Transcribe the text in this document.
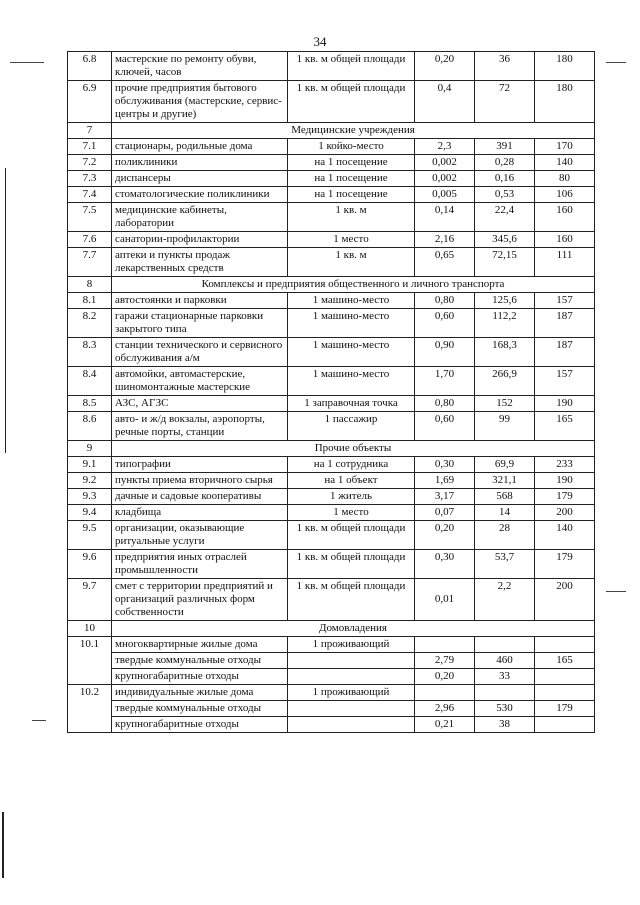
34
6.8	мастерские по ремонту обуви, ключей, часов	1 кв. м общей площади	0,20	36	180
6.9	прочие предприятия бытового обслуживания (мастерские, сервис-центры и другие)	1 кв. м общей площади	0,4	72	180
7	Медицинские учреждения				
7.1	стационары, родильные дома	1 койко-место	2,3	391	170
7.2	поликлиники	на 1 посещение	0,002	0,28	140
7.3	диспансеры	на 1 посещение	0,002	0,16	80
7.4	стоматологические поликлиники	на 1 посещение	0,005	0,53	106
7.5	медицинские кабинеты, лаборатории	1 кв. м	0,14	22,4	160
7.6	санатории-профилактории	1 место	2,16	345,6	160
7.7	аптеки и пункты продаж лекарственных средств	1 кв. м	0,65	72,15	111
8	Комплексы и предприятия общественного и личного транспорта				
8.1	автостоянки и парковки	1 машино-место	0,80	125,6	157
8.2	гаражи стационарные парковки закрытого типа	1 машино-место	0,60	112,2	187
8.3	станции технического и сервисного обслуживания а/м	1 машино-место	0,90	168,3	187
8.4	автомойки, автомастерские, шиномонтажные мастерские	1 машино-место	1,70	266,9	157
8.5	АЗС, АГЗС	1 заправочная точка	0,80	152	190
8.6	авто- и ж/д вокзалы, аэропорты, речные порты, станции	1 пассажир	0,60	99	165
9	Прочие объекты				
9.1	типографии	на 1 сотрудника	0,30	69,9	233
9.2	пункты приема вторичного сырья	на 1 объект	1,69	321,1	190
9.3	дачные и садовые кооперативы	1 житель	3,17	568	179
9.4	кладбища	1 место	0,07	14	200
9.5	организации, оказывающие ритуальные услуги	1 кв. м общей площади	0,20	28	140
9.6	предприятия иных отраслей промышленности	1 кв. м общей площади	0,30	53,7	179
9.7	смет с территории предприятий и организаций различных форм собственности	1 кв. м общей площади	0,01	2,2	200
10	Домовладения				
10.1	многоквартирные жилые дома	1 проживающий			
	твердые коммунальные отходы		2,79	460	165
	крупногабаритные отходы		0,20	33	
10.2	индивидуальные жилые дома	1 проживающий			
	твердые коммунальные отходы		2,96	530	179
	крупногабаритные отходы		0,21	38	
